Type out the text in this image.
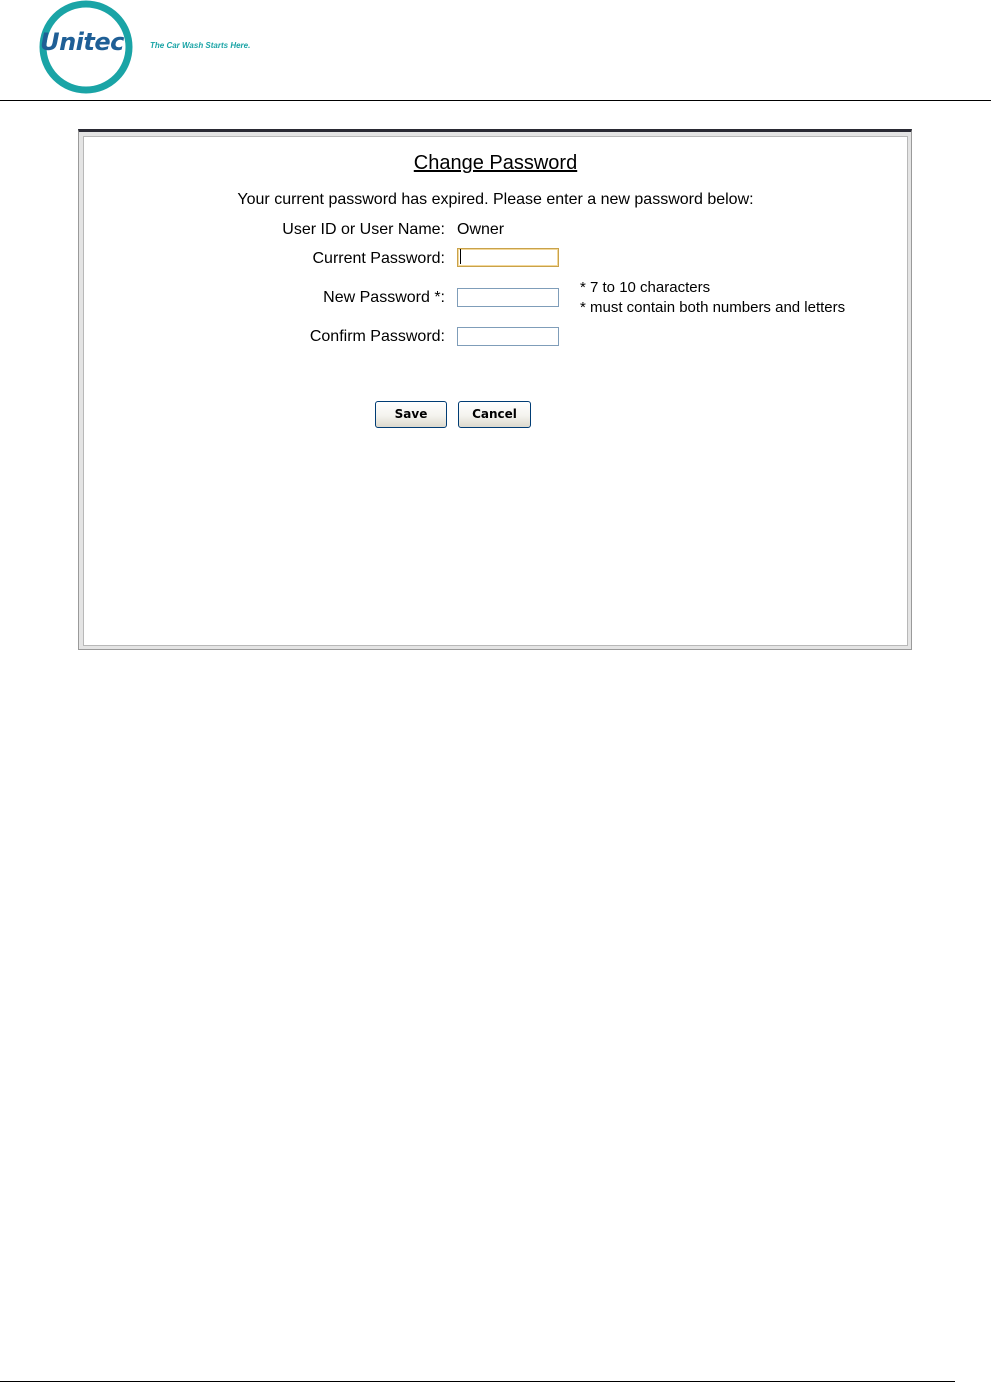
Unitec	The Car Wash Starts Here.
Change Password
Your current password has expired. Please enter a new password below:
User ID or User Name: Owner
Current Password:
New Password *:
* 7 to 10 characters
* must contain both numbers and letters
Confirm Password:
Save	Cancel
